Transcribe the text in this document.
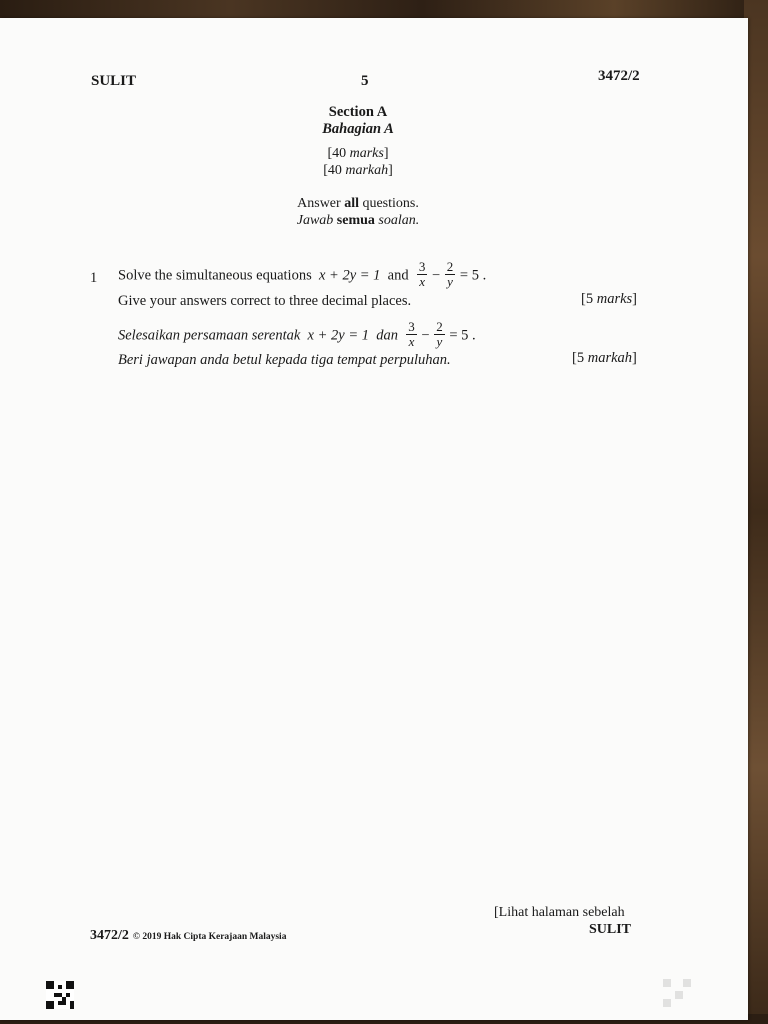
SULIT	5	3472/2
Section A
Bahagian A
[40 marks]
[40 markah]
Answer all questions.
Jawab semua soalan.
1 Solve the simultaneous equations x + 2y = 1 and $\frac{3}{x} - \frac{2}{y} = 5$ .
Give your answers correct to three decimal places.	[5 marks]
Selesaikan persamaan serentak x + 2y = 1 dan $\frac{3}{x} - \frac{2}{y} = 5$ .
Beri jawapan anda betul kepada tiga tempat perpuluhan.	[5 markah]
[Lihat halaman sebelah
SULIT
3472/2 © 2019 Hak Cipta Kerajaan Malaysia
